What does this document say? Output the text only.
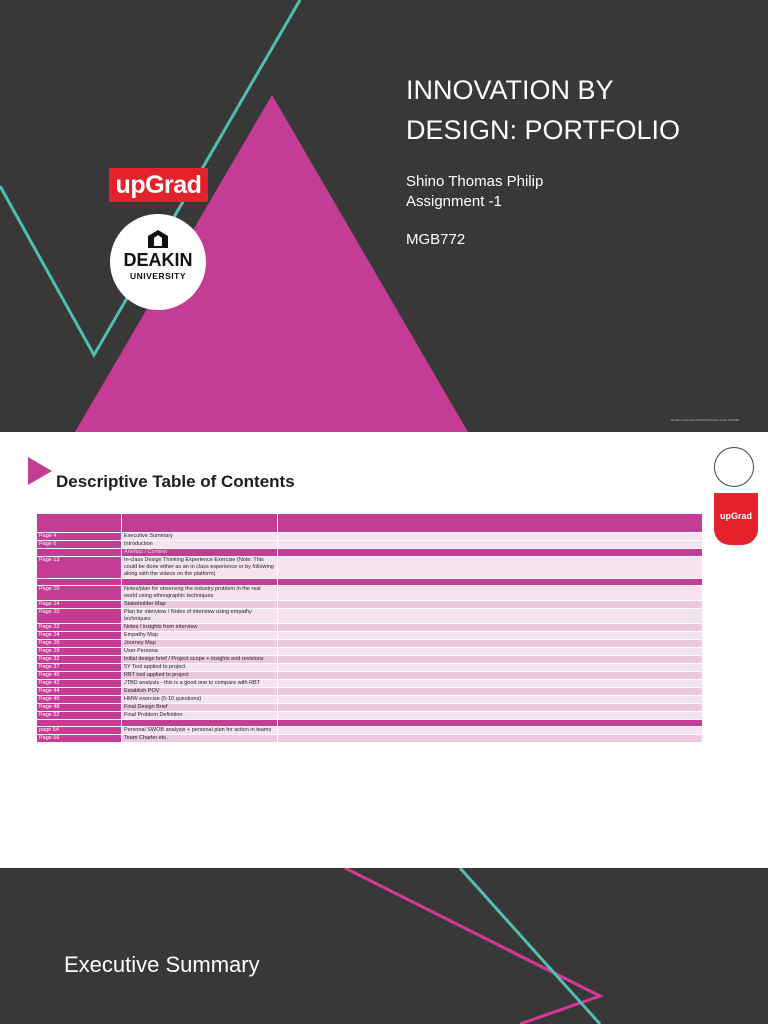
upGrad
DEAKIN
UNIVERSITY
INNOVATION BY
DESIGN: PORTFOLIO
Shino Thomas Philip
Assignment -1
MGB772
Deakin University CRICOS Provider Code: 00113B
Descriptive Table of Contents
upGrad

Page 4	Executive Summary	
Page 6	Introduction	
	Artefact / Content	
Page 13	In-class Design Thinking Experience Exercise (Note: This could be done either as an in class experience or by following along with the videos on the platform)	

Page 10	Notes/plan for observing the industry problem in the real world using ethnographic techniques	
Page 14	Stakeholder Map	
Page 20	Plan for interview / Notes of interview using empathy techniques	
Page 22	Notes / insights from interview	
Page 24	Empathy Map	
Page 26	Journey Map	
Page 29	User Persona	
Page 32	Initial design brief / Project scope + insights and revisions	
Page 37	5Y Tool applied to project	
Page 40	RBT tool applied to project	
Page 42	JTBD analysis - this is a good one to compare with RBT	
Page 44	Establish POV	
Page 46	HMW exercise (5-10 questions)	
Page 48	Final Design Brief	
Page 52	Final Problem Definition	

page 54	Personal SWOB analysis + personal plan for action in teams	
Page 56	Team Charter etc.	
Executive Summary
